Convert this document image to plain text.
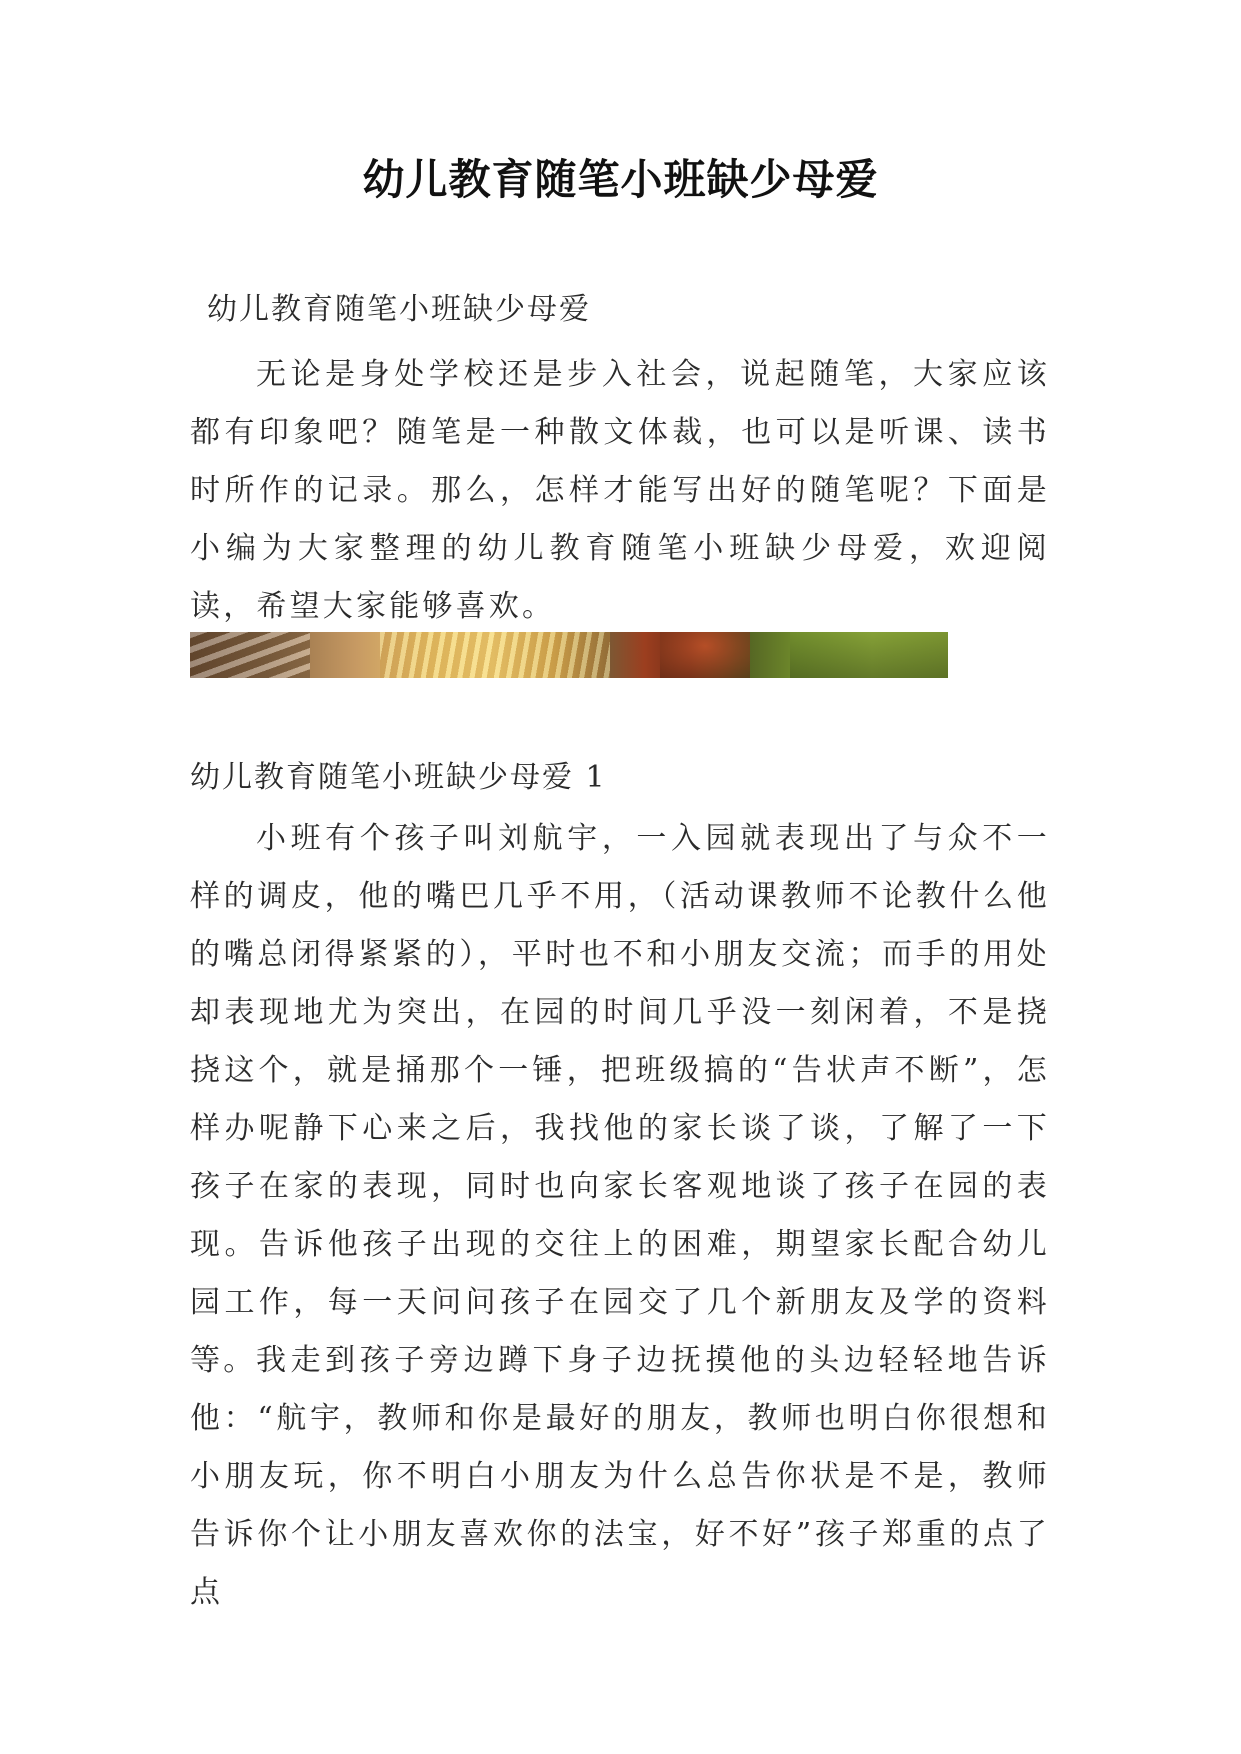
幼儿教育随笔小班缺少母爱

幼儿教育随笔小班缺少母爱

无论是身处学校还是步入社会，说起随笔，大家应该都有印象吧？随笔是一种散文体裁，也可以是听课、读书时所作的记录。那么，怎样才能写出好的随笔呢？下面是小编为大家整理的幼儿教育随笔小班缺少母爱，欢迎阅读，希望大家能够喜欢。

幼儿教育随笔小班缺少母爱 1

小班有个孩子叫刘航宇，一入园就表现出了与众不一样的调皮，他的嘴巴几乎不用，（活动课教师不论教什么他的嘴总闭得紧紧的），平时也不和小朋友交流；而手的用处却表现地尤为突出，在园的时间几乎没一刻闲着，不是挠挠这个，就是捅那个一锤，把班级搞的“告状声不断”，怎样办呢静下心来之后，我找他的家长谈了谈，了解了一下孩子在家的表现，同时也向家长客观地谈了孩子在园的表现。告诉他孩子出现的交往上的困难，期望家长配合幼儿园工作，每一天问问孩子在园交了几个新朋友及学的资料等。 我走到孩子旁边蹲下身子边抚摸他的头边轻轻地告诉他：“航宇，教师和你是最好的朋友，教师也明白你很想和小朋友玩，你不明白小朋友为什么总告你状是不是，教师告诉你个让小朋友喜欢你的法宝，好不好”孩子郑重的点了点
